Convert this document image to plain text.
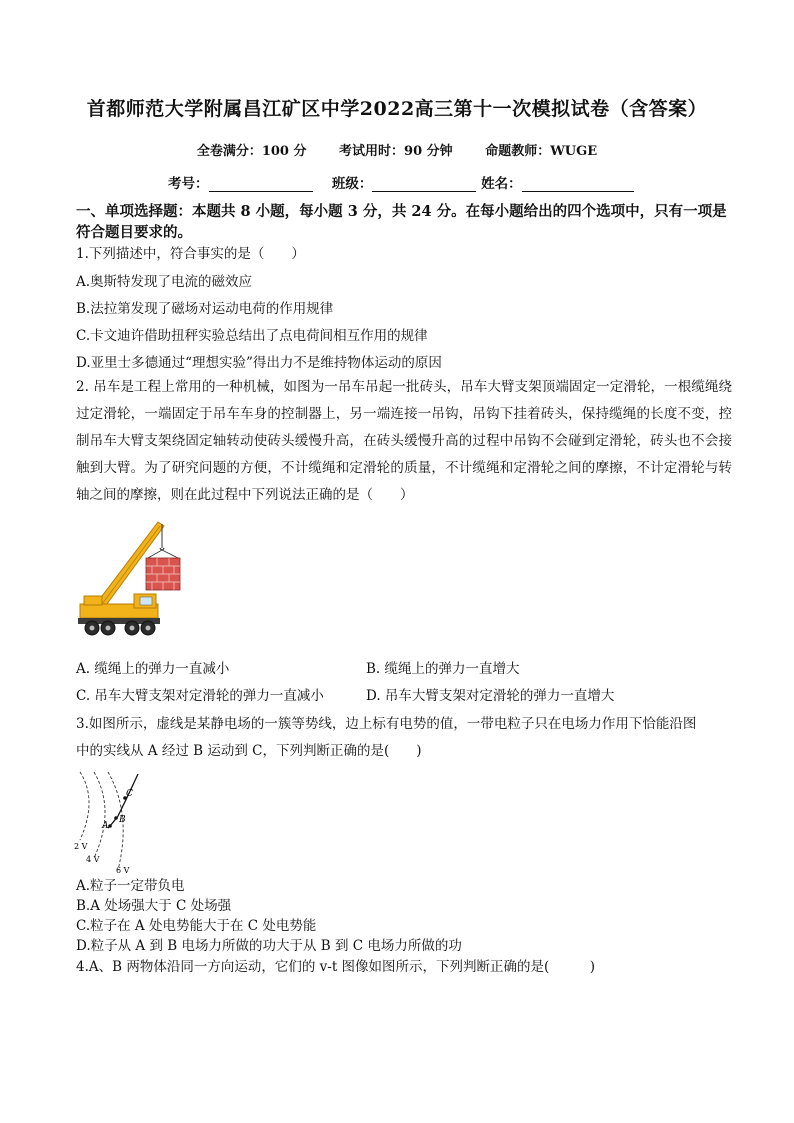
首都师范大学附属昌江矿区中学2022高三第十一次模拟试卷（含答案）
全卷满分：100 分	考试用时：90 分钟	命题教师：WUGE
考号：	班级：	姓名：
一、单项选择题：本题共 8 小题，每小题 3 分，共 24 分。在每小题给出的四个选项中，只有一项是符合题目要求的。
1.下列描述中，符合事实的是（　　）
A.奥斯特发现了电流的磁效应
B.法拉第发现了磁场对运动电荷的作用规律
C.卡文迪许借助扭秤实验总结出了点电荷间相互作用的规律
D.亚里士多德通过“理想实验”得出力不是维持物体运动的原因
2. 吊车是工程上常用的一种机械，如图为一吊车吊起一批砖头，吊车大臂支架顶端固定一定滑轮，一根缆绳绕过定滑轮，一端固定于吊车车身的控制器上，另一端连接一吊钩，吊钩下挂着砖头，保持缆绳的长度不变，控制吊车大臂支架绕固定轴转动使砖头缓慢升高，在砖头缓慢升高的过程中吊钩不会碰到定滑轮，砖头也不会接触到大臂。为了研究问题的方便，不计缆绳和定滑轮的质量，不计缆绳和定滑轮之间的摩擦，不计定滑轮与转轴之间的摩擦，则在此过程中下列说法正确的是（　　）
A. 缆绳上的弹力一直减小	B. 缆绳上的弹力一直增大
C. 吊车大臂支架对定滑轮的弹力一直减小	D. 吊车大臂支架对定滑轮的弹力一直增大
3.如图所示，虚线是某静电场的一簇等势线，边上标有电势的值，一带电粒子只在电场力作用下恰能沿图
中的实线从 A 经过 B 运动到 C，下列判断正确的是(　　)
C
B
A
2 V
4 V
6 V
A.粒子一定带负电
B.A 处场强大于 C 处场强
C.粒子在 A 处电势能大于在 C 处电势能
D.粒子从 A 到 B 电场力所做的功大于从 B 到 C 电场力所做的功
4.A、B 两物体沿同一方向运动，它们的 v-t 图像如图所示，下列判断正确的是(　　　)
